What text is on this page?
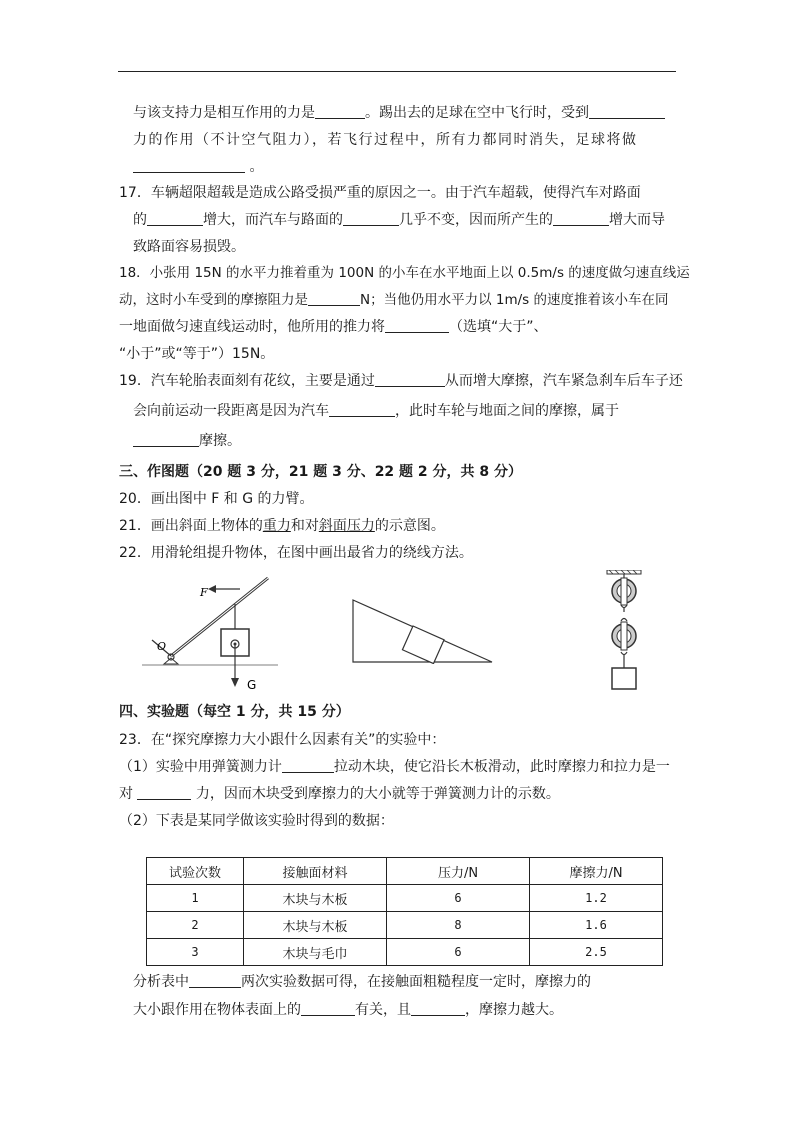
与该支持力是相互作用的力是	。踢出去的足球在空中飞行时，受到
力的作用（不计空气阻力），若飞行过程中，所有力都同时消失，足球将做
。
17．车辆超限超载是造成公路受损严重的原因之一。由于汽车超载，使得汽车对路面
的	增大，而汽车与路面的	几乎不变，因而所产生的	增大而导
致路面容易损毁。
18．小张用 15N 的水平力推着重为 100N 的小车在水平地面上以 0.5m/s 的速度做匀速直线运
动，这时小车受到的摩擦阻力是	N；当他仍用水平力以 1m/s 的速度推着该小车在同
一地面做匀速直线运动时，他所用的推力将	（选填“大于”、
“小于”或“等于”）15N。
19．汽车轮胎表面刻有花纹，主要是通过	从而增大摩擦，汽车紧急刹车后车子还
会向前运动一段距离是因为汽车	，此时车轮与地面之间的摩擦，属于
摩擦。
三、作图题（20 题 3 分，21 题 3 分、22 题 2 分，共 8 分）
20．画出图中 F 和 G 的力臂。
21．画出斜面上物体的重力和对斜面压力的示意图。
22．用滑轮组提升物体，在图中画出最省力的绕线方法。
F
O
G
四、实验题（每空 1 分，共 15 分）
23．在“探究摩擦力大小跟什么因素有关”的实验中：
（1）实验中用弹簧测力计	拉动木块，使它沿长木板滑动，此时摩擦力和拉力是一
对	力，因而木块受到摩擦力的大小就等于弹簧测力计的示数。
（2）下表是某同学做该实验时得到的数据：
试验次数	接触面材料	压力/N	摩擦力/N
1	木块与木板	6	1.2
2	木块与木板	8	1.6
3	木块与毛巾	6	2.5
分析表中	两次实验数据可得，在接触面粗糙程度一定时，摩擦力的
大小跟作用在物体表面上的	有关，且	，摩擦力越大。
